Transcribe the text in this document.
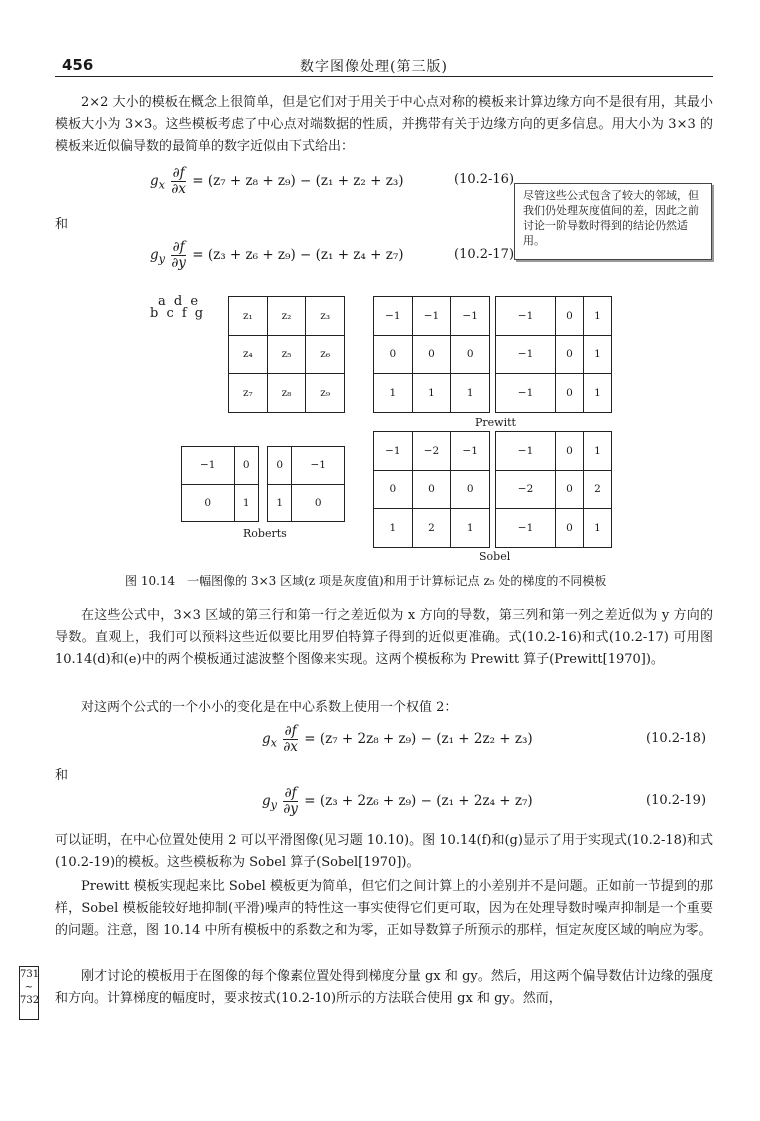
456	数字图像处理(第三版)
2×2 大小的模板在概念上很简单，但是它们对于用关于中心点对称的模板来计算边缘方向不是很有用，其最小模板大小为 3×3。这些模板考虑了中心点对端数据的性质，并携带有关于边缘方向的更多信息。用大小为 3×3 的模板来近似偏导数的最简单的数字近似由下式给出：
$g_x \frac{\partial f}{\partial x} = (z_7 + z_8 + z_9) - (z_1 + z_2 + z_3)$	(10.2-16)
和
$g_y \frac{\partial f}{\partial y} = (z_3 + z_6 + z_9) - (z_1 + z_4 + z_7)$	(10.2-17)
尽管这些公式包含了较大的邻域，但我们仍处理灰度值间的差，因此之前讨论一阶导数时得到的结论仍然适用。
a d e
b c f g	z₁	z₂	z₃
z₄	z₅	z₆
z₇	z₈	z₉
−1	−1	−1
0	0	0
1	1	1
−1	0	1
−1	0	1
−1	0	1
Prewitt
−1	0
0	1
0	−1
1	0
Roberts
−1	−2	−1
0	0	0
1	2	1
−1	0	1
−2	0	2
−1	0	1
Sobel
图 10.14　一幅图像的 3×3 区域(z 项是灰度值)和用于计算标记点 z₅ 处的梯度的不同模板
在这些公式中，3×3 区域的第三行和第一行之差近似为 x 方向的导数，第三列和第一列之差近似为 y 方向的导数。直观上，我们可以预料这些近似要比用罗伯特算子得到的近似更准确。式(10.2-16)和式(10.2-17) 可用图 10.14(d)和(e)中的两个模板通过滤波整个图像来实现。这两个模板称为 Prewitt 算子(Prewitt[1970])。
对这两个公式的一个小小的变化是在中心系数上使用一个权值 2：
$g_x \frac{\partial f}{\partial x} = (z_7 + 2z_8 + z_9) - (z_1 + 2z_2 + z_3)$	(10.2-18)
和
$g_y \frac{\partial f}{\partial y} = (z_3 + 2z_6 + z_9) - (z_1 + 2z_4 + z_7)$	(10.2-19)
可以证明，在中心位置处使用 2 可以平滑图像(见习题 10.10)。图 10.14(f)和(g)显示了用于实现式(10.2-18)和式(10.2-19)的模板。这些模板称为 Sobel 算子(Sobel[1970])。
Prewitt 模板实现起来比 Sobel 模板更为简单，但它们之间计算上的小差别并不是问题。正如前一节提到的那样，Sobel 模板能较好地抑制(平滑)噪声的特性这一事实使得它们更可取，因为在处理导数时噪声抑制是一个重要的问题。注意，图 10.14 中所有模板中的系数之和为零，正如导数算子所预示的那样，恒定灰度区域的响应为零。
刚才讨论的模板用于在图像的每个像素位置处得到梯度分量 gx 和 gy。然后，用这两个偏导数估计边缘的强度和方向。计算梯度的幅度时，要求按式(10.2-10)所示的方法联合使用 gx 和 gy。然而，
731
~
732
